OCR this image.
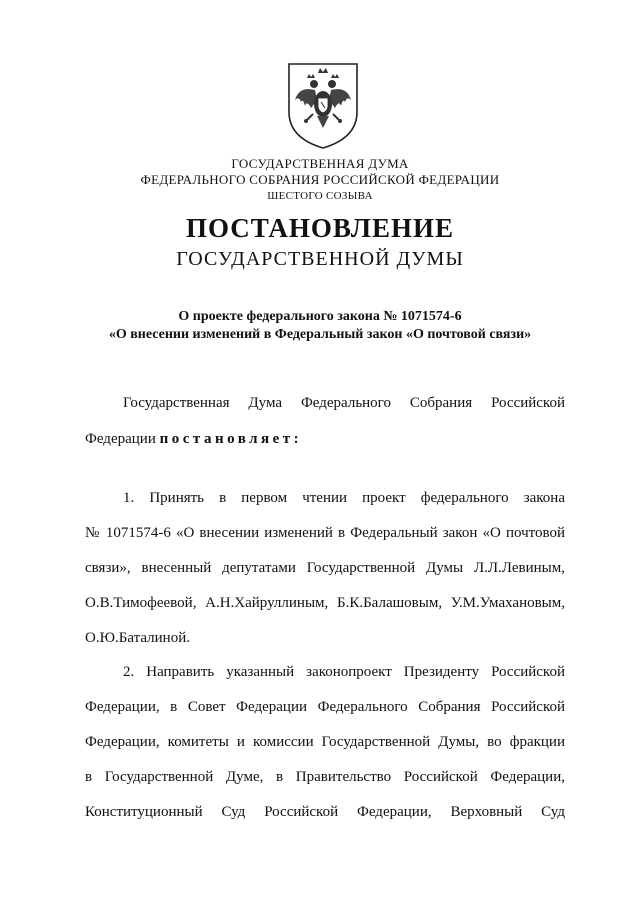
ГОСУДАРСТВЕННАЯ ДУМА
ФЕДЕРАЛЬНОГО СОБРАНИЯ РОССИЙСКОЙ ФЕДЕРАЦИИ
ШЕСТОГО СОЗЫВА
ПОСТАНОВЛЕНИЕ
ГОСУДАРСТВЕННОЙ ДУМЫ
О проекте федерального закона № 1071574-6
«О внесении изменений в Федеральный закон «О почтовой связи»
Государственная Дума Федерального Собрания Российской
Федерации постановляет:
1. Принять в первом чтении проект федерального закона
№ 1071574-6 «О внесении изменений в Федеральный закон «О почтовой
связи», внесенный депутатами Государственной Думы Л.Л.Левиным,
О.В.Тимофеевой, А.Н.Хайруллиным, Б.К.Балашовым, У.М.Умахановым,
О.Ю.Баталиной.
2. Направить указанный законопроект Президенту Российской
Федерации, в Совет Федерации Федерального Собрания Российской
Федерации, комитеты и комиссии Государственной Думы, во фракции
в Государственной Думе, в Правительство Российской Федерации,
Конституционный Суд Российской Федерации, Верховный Суд
